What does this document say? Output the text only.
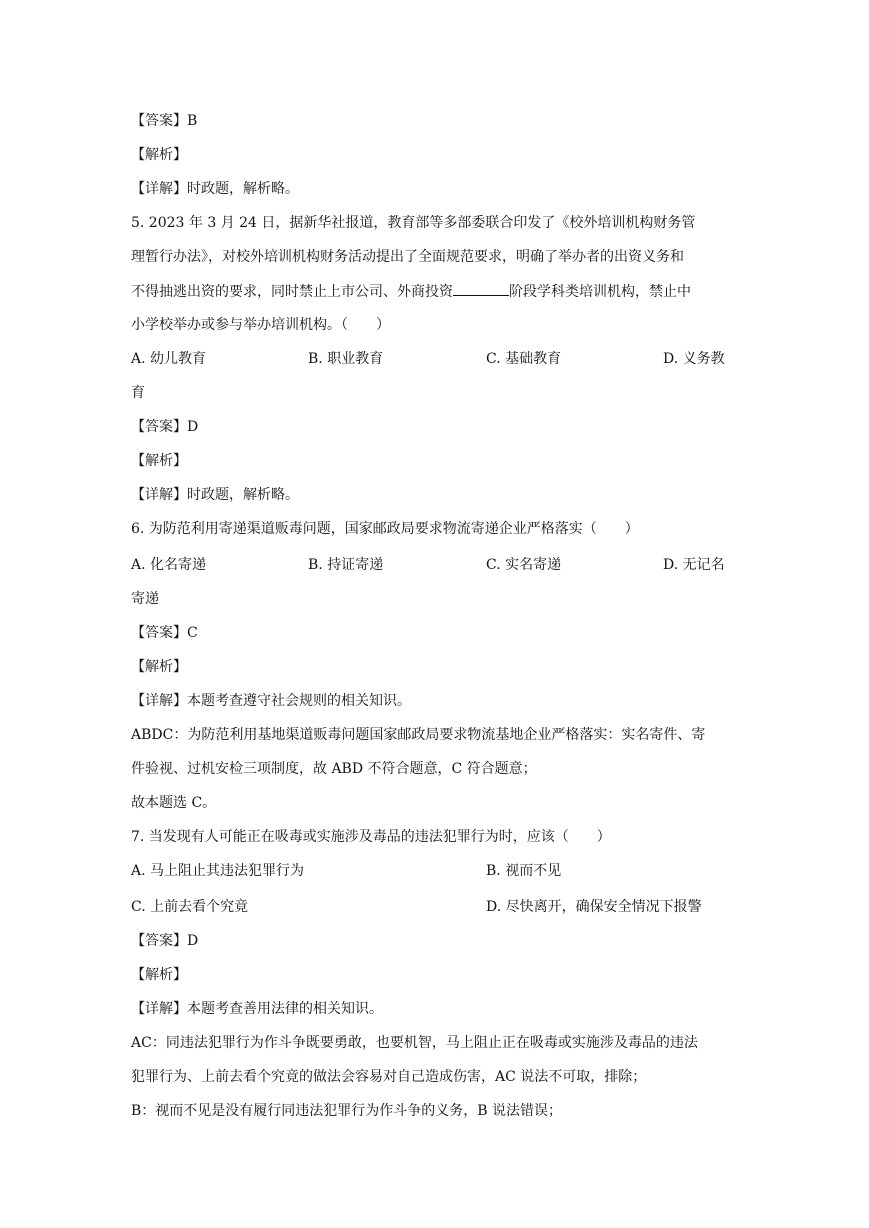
【答案】B
【解析】
【详解】时政题，解析略。
5. 2023 年 3 月 24 日，据新华社报道，教育部等多部委联合印发了《校外培训机构财务管
理暂行办法》，对校外培训机构财务活动提出了全面规范要求，明确了举办者的出资义务和
不得抽逃出资的要求，同时禁止上市公司、外商投资	阶段学科类培训机构，禁止中
小学校举办或参与举办培训机构。（　　）
A. 幼儿教育	B. 职业教育	C. 基础教育	D. 义务教
育
【答案】D
【解析】
【详解】时政题，解析略。
6. 为防范利用寄递渠道贩毒问题，国家邮政局要求物流寄递企业严格落实（　　）
A. 化名寄递	B. 持证寄递	C. 实名寄递	D. 无记名
寄递
【答案】C
【解析】
【详解】本题考查遵守社会规则的相关知识。
ABDC：为防范利用基地渠道贩毒问题国家邮政局要求物流基地企业严格落实：实名寄件、寄
件验视、过机安检三项制度，故 ABD 不符合题意，C 符合题意；
故本题选 C。
7. 当发现有人可能正在吸毒或实施涉及毒品的违法犯罪行为时，应该（　　）
A. 马上阻止其违法犯罪行为	B. 视而不见
C. 上前去看个究竟	D. 尽快离开，确保安全情况下报警
【答案】D
【解析】
【详解】本题考查善用法律的相关知识。
AC：同违法犯罪行为作斗争既要勇敢，也要机智，马上阻止正在吸毒或实施涉及毒品的违法
犯罪行为、上前去看个究竟的做法会容易对自己造成伤害，AC 说法不可取，排除；
B：视而不见是没有履行同违法犯罪行为作斗争的义务，B 说法错误；
